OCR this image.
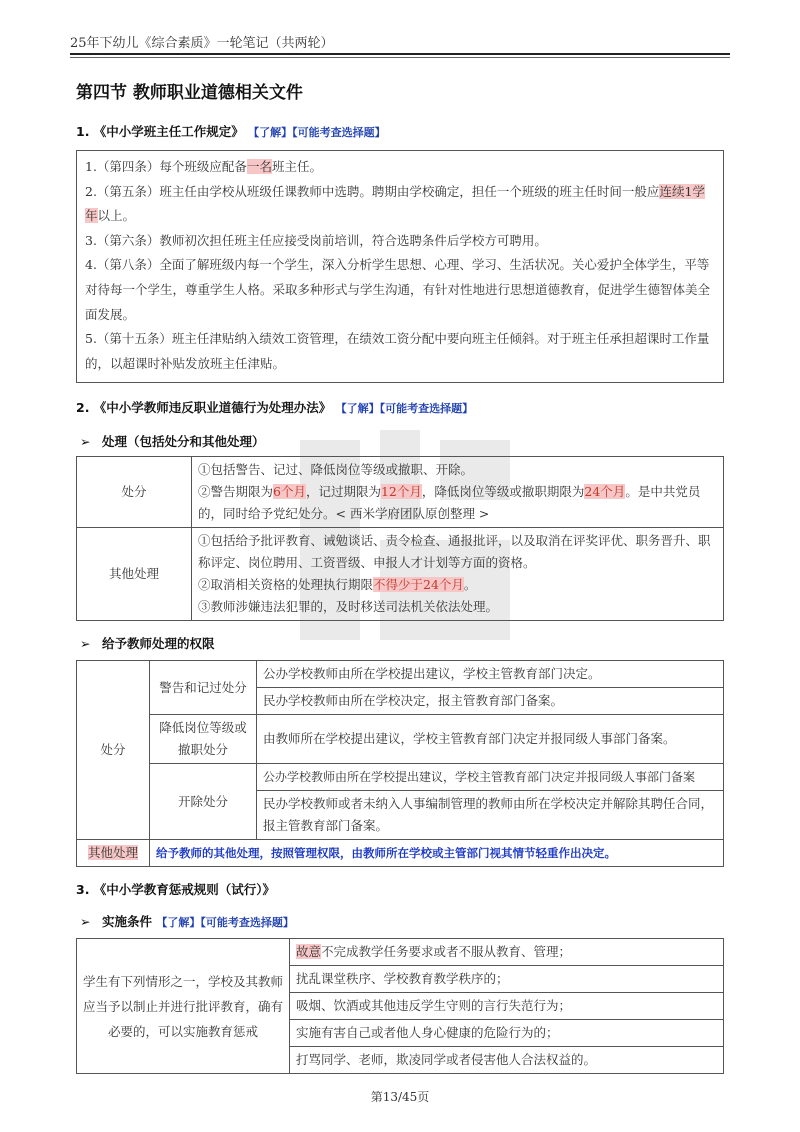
25年下幼儿《综合素质》一轮笔记（共两轮）
第四节 教师职业道德相关文件
1. 《中小学班主任工作规定》 【了解】【可能考查选择题】
1.（第四条）每个班级应配备一名班主任。
2.（第五条）班主任由学校从班级任课教师中选聘。聘期由学校确定，担任一个班级的班主任时间一般应连续1学年以上。
3.（第六条）教师初次担任班主任应接受岗前培训，符合选聘条件后学校方可聘用。
4.（第八条）全面了解班级内每一个学生，深入分析学生思想、心理、学习、生活状况。关心爱护全体学生，平等对待每一个学生，尊重学生人格。采取多种形式与学生沟通，有针对性地进行思想道德教育，促进学生德智体美全面发展。
5.（第十五条）班主任津贴纳入绩效工资管理，在绩效工资分配中要向班主任倾斜。对于班主任承担超课时工作量的，以超课时补贴发放班主任津贴。
2. 《中小学教师违反职业道德行为处理办法》 【了解】【可能考查选择题】
➢ 处理（包括处分和其他处理）
处分	①包括警告、记过、降低岗位等级或撤职、开除。
②警告期限为6个月，记过期限为12个月，降低岗位等级或撤职期限为24个月。是中共党员的，同时给予党纪处分。< 西米学府团队原创整理 >

其他处理	①包括给予批评教育、诫勉谈话、责令检查、通报批评，以及取消在评奖评优、职务晋升、职称评定、岗位聘用、工资晋级、申报人才计划等方面的资格。
②取消相关资格的处理执行期限不得少于24个月。
③教师涉嫌违法犯罪的，及时移送司法机关依法处理。
➢ 给予教师处理的权限
处分	警告和记过处分	公办学校教师由所在学校提出建议，学校主管教育部门决定。
		民办学校教师由所在学校决定，报主管教育部门备案。
	降低岗位等级或撤职处分	由教师所在学校提出建议，学校主管教育部门决定并报同级人事部门备案。
	开除处分	公办学校教师由所在学校提出建议，学校主管教育部门决定并报同级人事部门备案
		民办学校教师或者未纳入人事编制管理的教师由所在学校决定并解除其聘任合同，报主管教育部门备案。
其他处理	给予教师的其他处理，按照管理权限，由教师所在学校或主管部门视其情节轻重作出决定。	
3. 《中小学教育惩戒规则（试行）》
➢ 实施条件 【了解】【可能考查选择题】
学生有下列情形之一，学校及其教师应当予以制止并进行批评教育，确有必要的，可以实施教育惩戒	故意不完成教学任务要求或者不服从教育、管理；
扰乱课堂秩序、学校教育教学秩序的；
吸烟、饮酒或其他违反学生守则的言行失范行为；
实施有害自己或者他人身心健康的危险行为的；
打骂同学、老师，欺凌同学或者侵害他人合法权益的。
第13/45页
